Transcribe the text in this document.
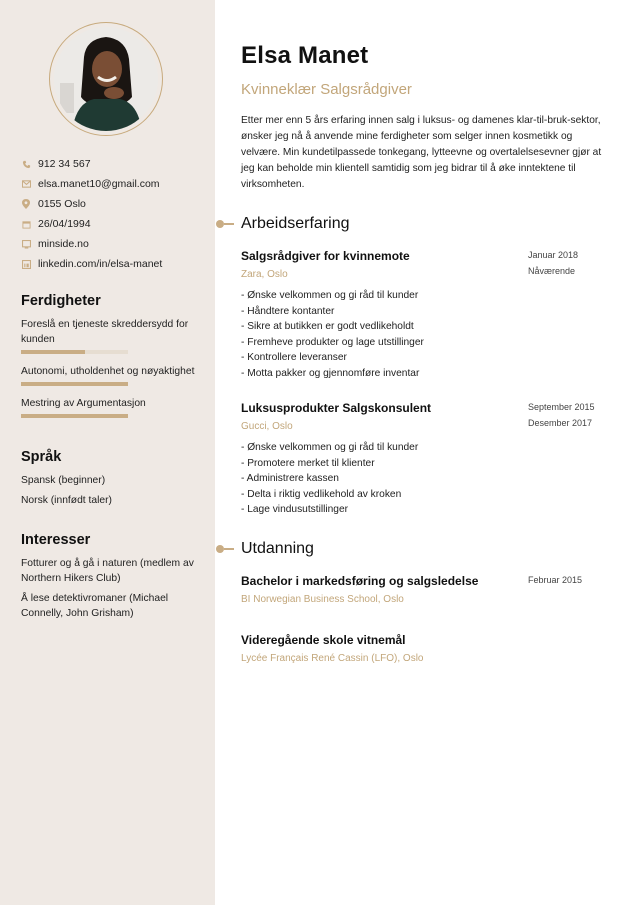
912 34 567
elsa.manet10@gmail.com
0155 Oslo
26/04/1994
minside.no
linkedin.com/in/elsa-manet
Ferdigheter
Foreslå en tjeneste skreddersydd for kunden
Autonomi, utholdenhet og nøyaktighet
Mestring av Argumentasjon
Språk
Spansk (beginner)
Norsk (innfødt taler)
Interesser
Fotturer og å gå i naturen (medlem av Northern Hikers Club)
Å lese detektivromaner (Michael Connelly, John Grisham)
Elsa Manet
Kvinneklær Salgsrådgiver
Etter mer enn 5 års erfaring innen salg i luksus- og damenes klar-til-bruk-sektor, ønsker jeg nå å anvende mine ferdigheter som selger innen kosmetikk og velvære. Min kundetilpassede tonkegang, lytteevne og overtalelsesevner gjør at jeg kan beholde min klientell samtidig som jeg bidrar til å øke inntektene til virksomheten.
Arbeidserfaring
Salgsrådgiver for kvinnemote
Zara, Oslo
Januar 2018
Nåværende
- Ønske velkommen og gi råd til kunder
- Håndtere kontanter
- Sikre at butikken er godt vedlikeholdt
- Fremheve produkter og lage utstillinger
- Kontrollere leveranser
- Motta pakker og gjennomføre inventar
Luksusprodukter Salgskonsulent
Gucci, Oslo
September 2015
Desember 2017
- Ønske velkommen og gi råd til kunder
- Promotere merket til klienter
- Administrere kassen
- Delta i riktig vedlikehold av kroken
- Lage vindusutstillinger
Utdanning
Bachelor i markedsføring og salgsledelse
BI Norwegian Business School, Oslo
Februar 2015
Videregående skole vitnemål
Lycée Français René Cassin (LFO), Oslo
